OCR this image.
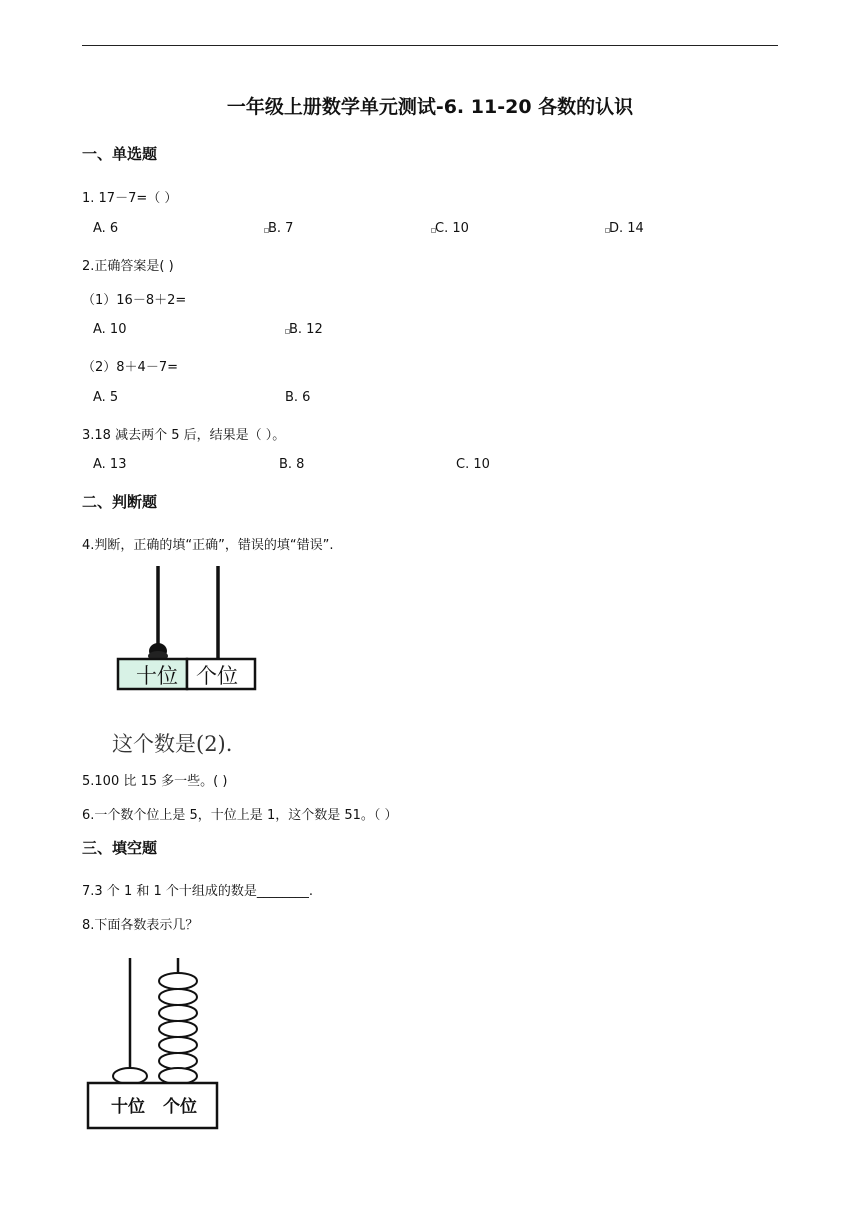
一年级上册数学单元测试-6. 11-20 各数的认识
一、单选题
1. 17－7=（ ）
A. 6	B. 7	C. 10	D. 14
2.正确答案是( )
（1）16－8＋2=
A. 10	B. 12
（2）8＋4－7=
A. 5	B. 6
3.18 减去两个 5 后，结果是（ ）。
A. 13	B. 8	C. 10
二、判断题
4.判断，正确的填“正确”，错误的填“错误”.
十位 个位
这个数是(2).
5.100 比 15 多一些。( )
6.一个数个位上是 5，十位上是 1，这个数是 51。（ ）
三、填空题
7.3 个 1 和 1 个十组成的数是________.
8.下面各数表示几？
十位 个位
